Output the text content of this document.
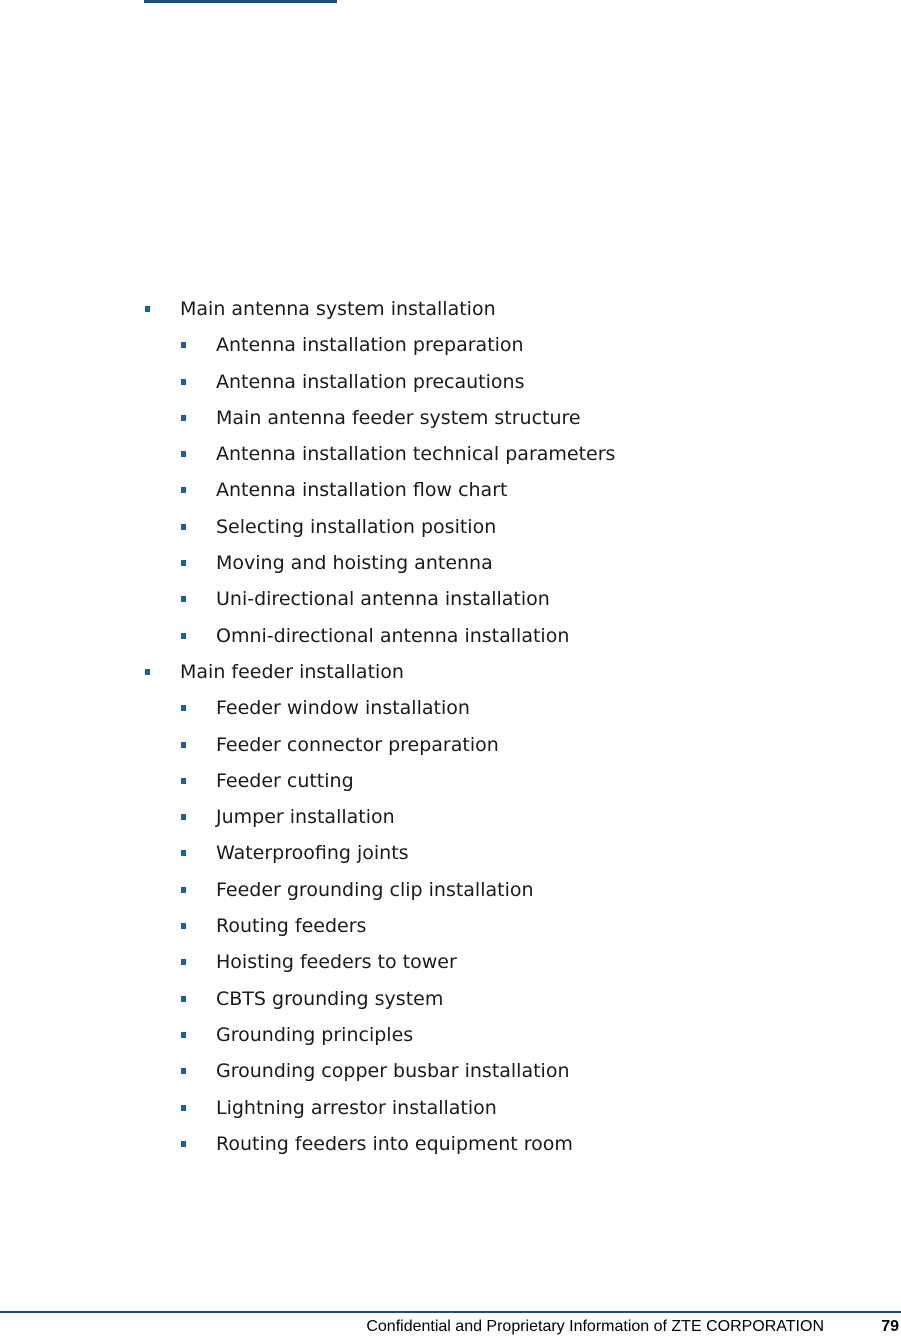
Main antenna system installation
Antenna installation preparation
Antenna installation precautions
Main antenna feeder system structure
Antenna installation technical parameters
Antenna installation flow chart
Selecting installation position
Moving and hoisting antenna
Uni-directional antenna installation
Omni-directional antenna installation
Main feeder installation
Feeder window installation
Feeder connector preparation
Feeder cutting
Jumper installation
Waterproofing joints
Feeder grounding clip installation
Routing feeders
Hoisting feeders to tower
CBTS grounding system
Grounding principles
Grounding copper busbar installation
Lightning arrestor installation
Routing feeders into equipment room
Confidential and Proprietary Information of ZTE CORPORATION	79
